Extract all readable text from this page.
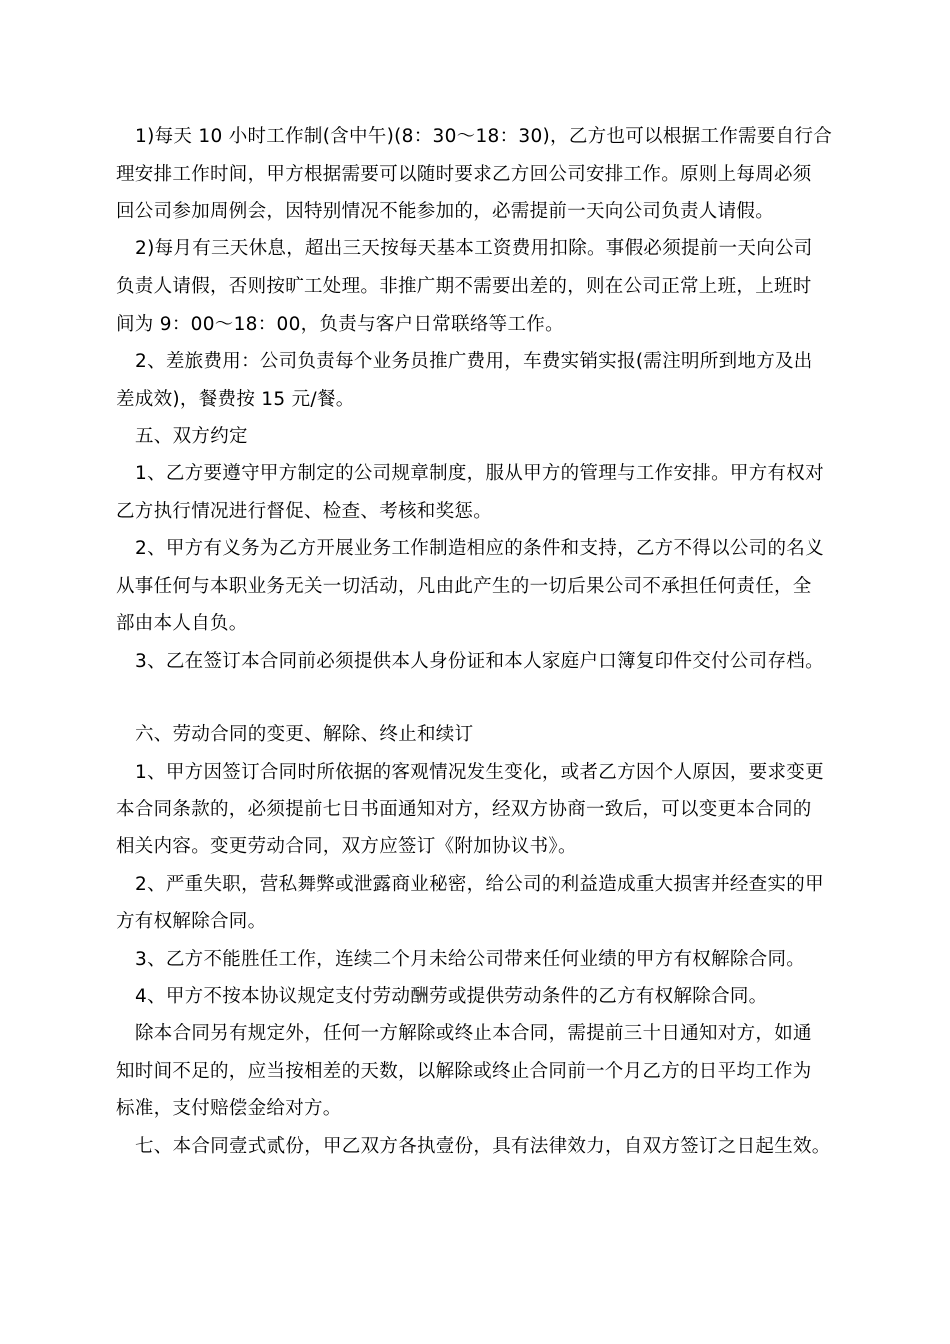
1)每天 10 小时工作制(含中午)(8：30～18：30)，乙方也可以根据工作需要自行合
理安排工作时间，甲方根据需要可以随时要求乙方回公司安排工作。原则上每周必须
回公司参加周例会，因特别情况不能参加的，必需提前一天向公司负责人请假。
2)每月有三天休息，超出三天按每天基本工资费用扣除。事假必须提前一天向公司
负责人请假，否则按旷工处理。非推广期不需要出差的，则在公司正常上班，上班时
间为 9：00～18：00，负责与客户日常联络等工作。
2、差旅费用：公司负责每个业务员推广费用，车费实销实报(需注明所到地方及出
差成效)，餐费按 15 元/餐。
五、双方约定
1、乙方要遵守甲方制定的公司规章制度，服从甲方的管理与工作安排。甲方有权对
乙方执行情况进行督促、检查、考核和奖惩。
2、甲方有义务为乙方开展业务工作制造相应的条件和支持，乙方不得以公司的名义
从事任何与本职业务无关一切活动，凡由此产生的一切后果公司不承担任何责任，全
部由本人自负。
3、乙在签订本合同前必须提供本人身份证和本人家庭户口簿复印件交付公司存档。
六、劳动合同的变更、解除、终止和续订
1、甲方因签订合同时所依据的客观情况发生变化，或者乙方因个人原因，要求变更
本合同条款的，必须提前七日书面通知对方，经双方协商一致后，可以变更本合同的
相关内容。变更劳动合同，双方应签订《附加协议书》。
2、严重失职，营私舞弊或泄露商业秘密，给公司的利益造成重大损害并经查实的甲
方有权解除合同。
3、乙方不能胜任工作，连续二个月未给公司带来任何业绩的甲方有权解除合同。
4、甲方不按本协议规定支付劳动酬劳或提供劳动条件的乙方有权解除合同。
除本合同另有规定外，任何一方解除或终止本合同，需提前三十日通知对方，如通
知时间不足的，应当按相差的天数，以解除或终止合同前一个月乙方的日平均工作为
标准，支付赔偿金给对方。
七、本合同壹式贰份，甲乙双方各执壹份，具有法律效力，自双方签订之日起生效。
